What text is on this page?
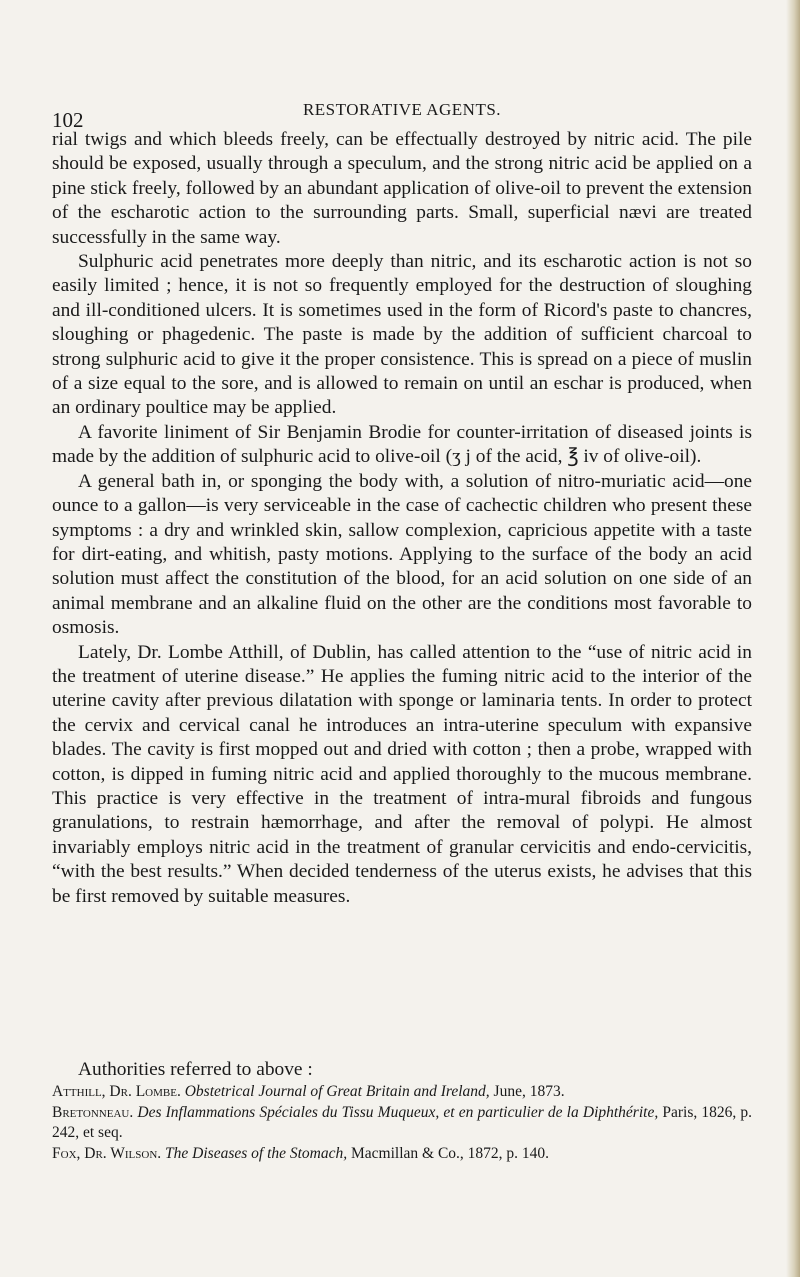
102	RESTORATIVE AGENTS.

rial twigs and which bleeds freely, can be effectually destroyed by nitric acid. The pile should be exposed, usually through a speculum, and the strong nitric acid be applied on a pine stick freely, followed by an abundant application of olive-oil to prevent the extension of the escharotic action to the surrounding parts. Small, superficial nævi are treated successfully in the same way.

Sulphuric acid penetrates more deeply than nitric, and its escharotic action is not so easily limited ; hence, it is not so frequently employed for the destruction of sloughing and ill-conditioned ulcers. It is sometimes used in the form of Ricord's paste to chancres, sloughing or phagedenic. The paste is made by the addition of sufficient charcoal to strong sulphuric acid to give it the proper consistence. This is spread on a piece of muslin of a size equal to the sore, and is allowed to remain on until an eschar is produced, when an ordinary poultice may be applied.

A favorite liniment of Sir Benjamin Brodie for counter-irritation of diseased joints is made by the addition of sulphuric acid to olive-oil (ʒ j of the acid, ℥ iv of olive-oil).

A general bath in, or sponging the body with, a solution of nitro-muriatic acid—one ounce to a gallon—is very serviceable in the case of cachectic children who present these symptoms : a dry and wrinkled skin, sallow complexion, capricious appetite with a taste for dirt-eating, and whitish, pasty motions. Applying to the surface of the body an acid solution must affect the constitution of the blood, for an acid solution on one side of an animal membrane and an alkaline fluid on the other are the conditions most favorable to osmosis.

Lately, Dr. Lombe Atthill, of Dublin, has called attention to the “use of nitric acid in the treatment of uterine disease.” He applies the fuming nitric acid to the interior of the uterine cavity after previous dilatation with sponge or laminaria tents. In order to protect the cervix and cervical canal he introduces an intra-uterine speculum with expansive blades. The cavity is first mopped out and dried with cotton ; then a probe, wrapped with cotton, is dipped in fuming nitric acid and applied thoroughly to the mucous membrane. This practice is very effective in the treatment of intra-mural fibroids and fungous granulations, to restrain hæmorrhage, and after the removal of polypi. He almost invariably employs nitric acid in the treatment of granular cervicitis and endo-cervicitis, “with the best results.” When decided tenderness of the uterus exists, he advises that this be first removed by suitable measures.

Authorities referred to above :

Atthill, Dr. Lombe. Obstetrical Journal of Great Britain and Ireland, June, 1873.

Bretonneau. Des Inflammations Spéciales du Tissu Muqueux, et en particulier de la Diphthérite, Paris, 1826, p. 242, et seq.

Fox, Dr. Wilson. The Diseases of the Stomach, Macmillan & Co., 1872, p. 140.
